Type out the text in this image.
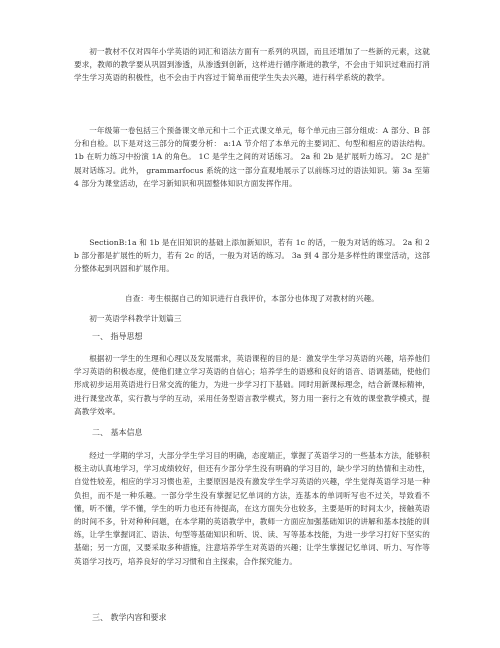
初一教材不仅对四年小学英语的词汇和语法方面有一系列的巩固，而且还增加了一些新的元素，这就要求，教师的教学要从巩固到渗透，从渗透到创新，这样进行循序渐进的教学，不会由于知识过难而打消学生学习英语的积极性，也不会由于内容过于简单而使学生失去兴趣，进行科学系统的教学。

一年级第一卷包括三个预备课文单元和十二个正式课文单元，每个单元由三部分组成：A 部分、B 部分和自检。以下是对这三部分的简要分析： a:1A 节介绍了本单元的主要词汇、句型和相应的语法结构。 1b 在听力练习中扮演 1A 的角色。 1C 是学生之间的对话练习。 2a 和 2b 是扩展听力练习。 2C 是扩展对话练习。此外， grammarfocus 系统的这一部分直观地展示了以前练习过的语法知识。第 3a 至第 4 部分为课堂活动，在学习新知识和巩固整体知识方面发挥作用。

SectionB:1a 和 1b 是在旧知识的基础上添加新知识，若有 1c 的话，一般为对话的练习。 2a 和 2b 部分都是扩展性的听力，若有 2c 的话，一般为对话的练习。 3a 到 4 部分是多样性的课堂活动，这部分整体起到巩固和扩展作用。

自查：考生根据自己的知识进行自我评价，本部分也体现了对教材的兴趣。

初一英语学科教学计划篇三

一、 指导思想

根据初一学生的生理和心理以及发展需求，英语课程的目的是：激发学生学习英语的兴趣，培养他们学习英语的积极态度，使他们建立学习英语的自信心；培养学生的语感和良好的语音、语调基础，使他们形成初步运用英语进行日常交流的能力，为进一步学习打下基础。同时用新课标理念，结合新课标精神，进行课堂改革，实行教与学的互动，采用任务型语言教学模式，努力用一套行之有效的课堂教学模式，提高教学效率。

二、 基本信息

经过一学期的学习，大部分学生学习目的明确，态度端正，掌握了英语学习的一些基本方法，能够积极主动认真地学习，学习成绩较好，但还有少部分学生没有明确的学习目的，缺少学习的热情和主动性，自觉性较差，相应的学习习惯也差，主要原因是没有激发学生学习英语的兴趣，学生觉得英语学习是一种负担，而不是一种乐趣。一部分学生没有掌握记忆单词的方法，连基本的单词听写也不过关，导致看不懂，听不懂，学不懂，学生的听力也还有待提高，在这方面失分也较多，主要是听的时间太少，接触英语的时间不多，针对种种问题，在本学期的英语教学中，教师一方面应加强基础知识的讲解和基本技能的训练，让学生掌握词汇、语法、句型等基础知识和听、说、读、写等基本技能，为进一步学习打好下坚实的基础；另一方面，又要采取多种措施，注意培养学生对英语的兴趣；让学生掌握记忆单词、听力、写作等英语学习技巧，培养良好的学习习惯和自主探索，合作探究能力。

三、 教学内容和要求
